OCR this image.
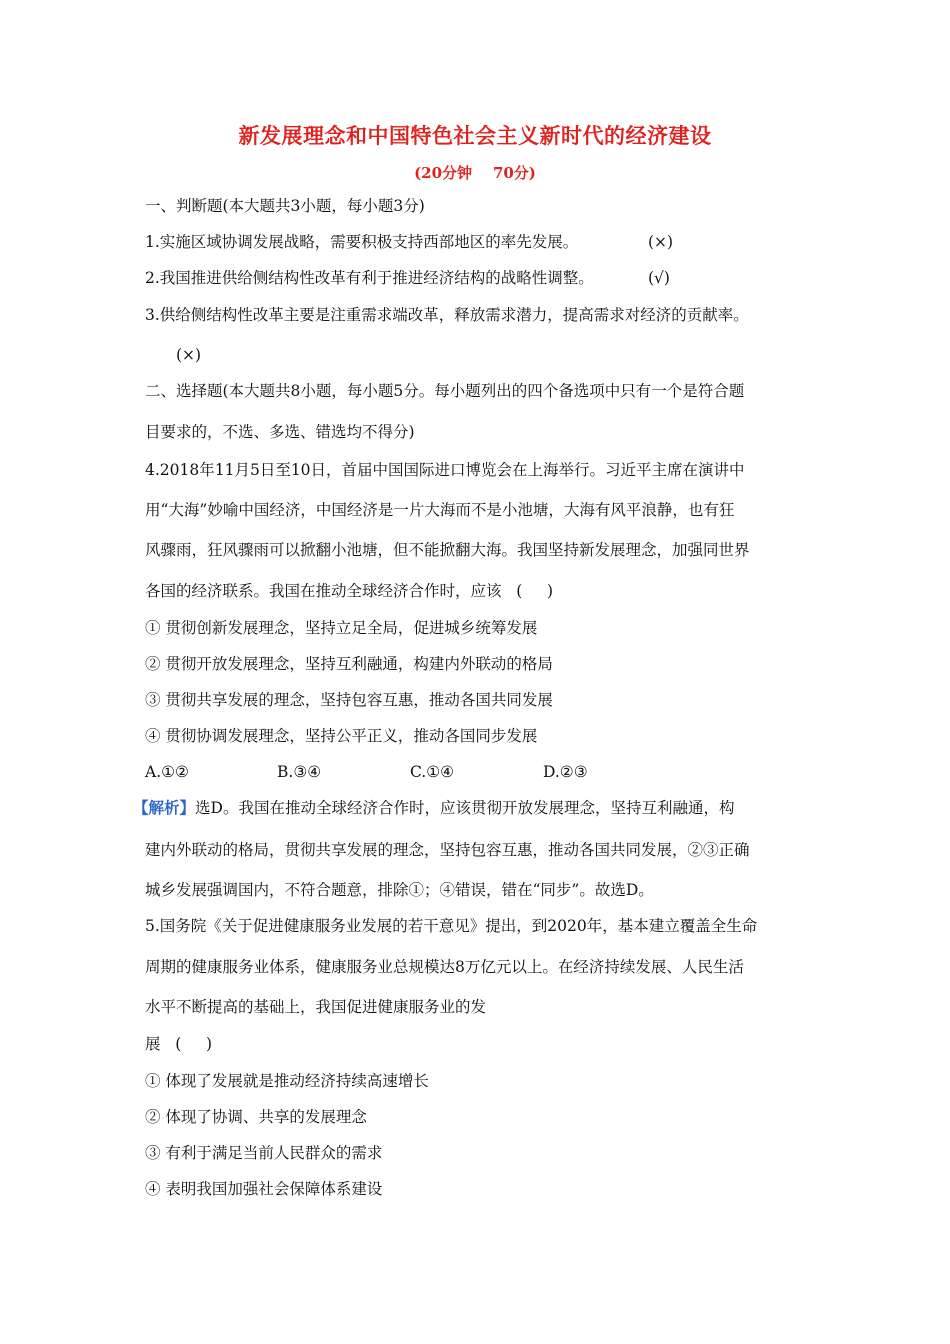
新发展理念和中国特色社会主义新时代的经济建设
(20分钟    70分)
一、判断题(本大题共3小题，每小题3分)
1.实施区域协调发展战略，需要积极支持西部地区的率先发展。	(×)
2.我国推进供给侧结构性改革有利于推进经济结构的战略性调整。	(√)
3.供给侧结构性改革主要是注重需求端改革，释放需求潜力，提高需求对经济的贡献率。
(×)
二、选择题(本大题共8小题，每小题5分。每小题列出的四个备选项中只有一个是符合题
目要求的，不选、多选、错选均不得分)
4.2018年11月5日至10日，首届中国国际进口博览会在上海举行。习近平主席在演讲中
用“大海”妙喻中国经济，中国经济是一片大海而不是小池塘，大海有风平浪静，也有狂
风骤雨，狂风骤雨可以掀翻小池塘，但不能掀翻大海。我国坚持新发展理念，加强同世界
各国的经济联系。我国在推动全球经济合作时，应该   (     )
① 贯彻创新发展理念，坚持立足全局，促进城乡统筹发展
② 贯彻开放发展理念，坚持互利融通，构建内外联动的格局
③ 贯彻共享发展的理念，坚持包容互惠，推动各国共同发展
④ 贯彻协调发展理念，坚持公平正义，推动各国同步发展
A.①②	B.③④	C.①④	D.②③
【解析】选D。我国在推动全球经济合作时，应该贯彻开放发展理念，坚持互利融通，构
建内外联动的格局，贯彻共享发展的理念，坚持包容互惠，推动各国共同发展，②③正确
城乡发展强调国内，不符合题意，排除①；④错误，错在“同步”。故选D。
5.国务院《关于促进健康服务业发展的若干意见》提出，到2020年，基本建立覆盖全生命
周期的健康服务业体系，健康服务业总规模达8万亿元以上。在经济持续发展、人民生活
水平不断提高的基础上，我国促进健康服务业的发
展   (     )
① 体现了发展就是推动经济持续高速增长
② 体现了协调、共享的发展理念
③ 有利于满足当前人民群众的需求
④ 表明我国加强社会保障体系建设
